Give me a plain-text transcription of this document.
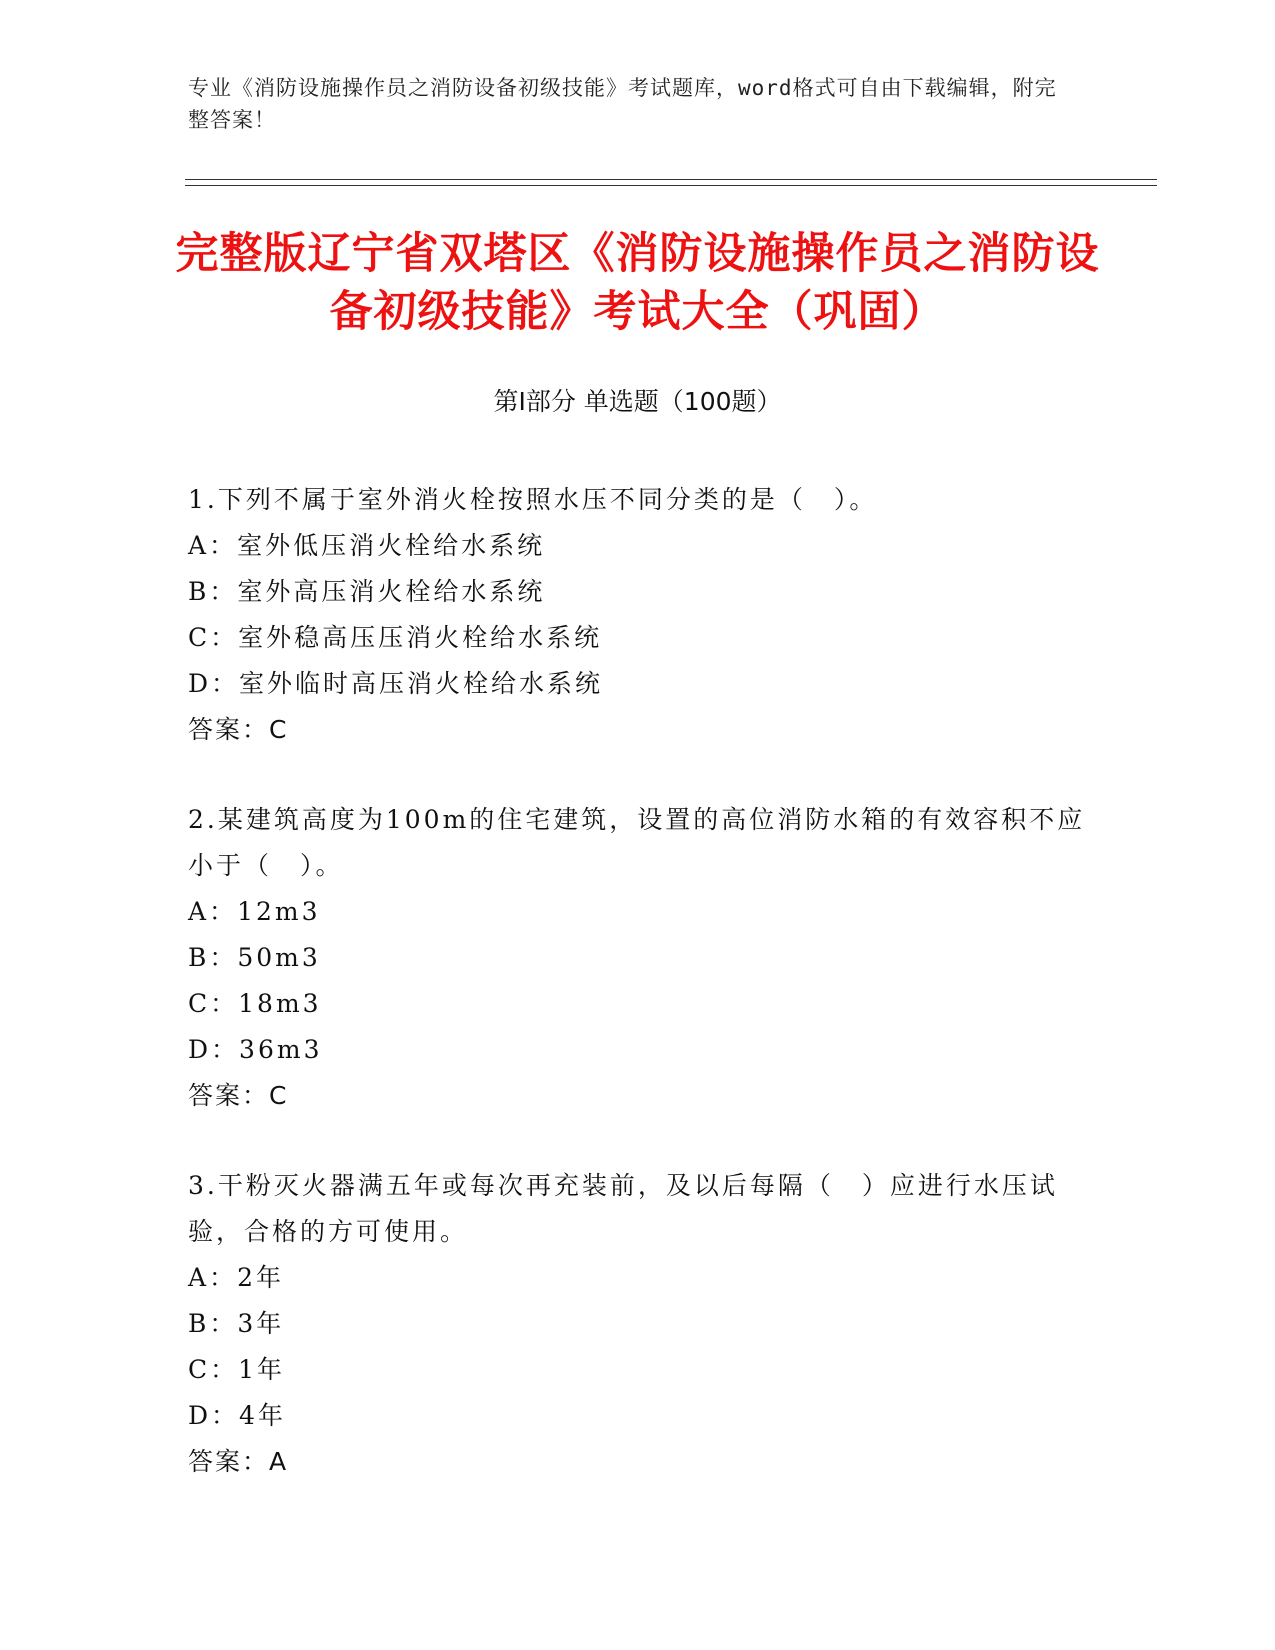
专业《消防设施操作员之消防设备初级技能》考试题库，word格式可自由下载编辑，附完整答案！
完整版辽宁省双塔区《消防设施操作员之消防设备初级技能》考试大全（巩固）
第Ⅰ部分 单选题（100题）

1.下列不属于室外消火栓按照水压不同分类的是（　）。

A：室外低压消火栓给水系统

B：室外高压消火栓给水系统

C：室外稳高压压消火栓给水系统

D：室外临时高压消火栓给水系统

答案：C

2.某建筑高度为100m的住宅建筑，设置的高位消防水箱的有效容积不应小于（　）。

A：12m3

B：50m3

C：18m3

D：36m3

答案：C

3.干粉灭火器满五年或每次再充装前，及以后每隔（　）应进行水压试验，合格的方可使用。

A：2年

B：3年

C：1年

D：4年

答案：A
